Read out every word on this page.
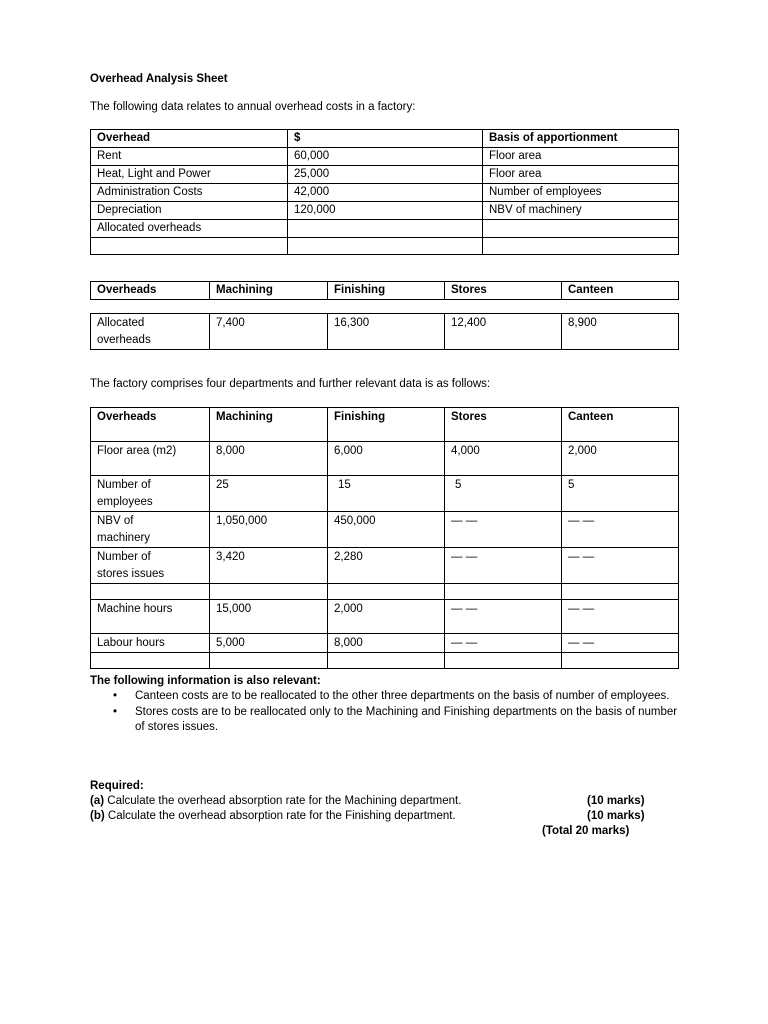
Overhead Analysis Sheet
The following data relates to annual overhead costs in a factory:
Overhead	$	Basis of apportionment
Rent	60,000	Floor area
Heat, Light and Power	25,000	Floor area
Administration Costs	42,000	Number of employees
Depreciation	120,000	NBV of machinery
Allocated overheads		

Overheads	Machining	Finishing	Stores	Canteen

Allocated
overheads	7,400	16,300	12,400	8,900
The factory comprises four departments and further relevant data is as follows:
Overheads	Machining	Finishing	Stores	Canteen
Floor area (m2)	8,000	6,000	4,000	2,000

Number of
employees	25	15	5	5

NBV of
machinery	1,050,000	450,000	— —	— —

Number of
stores issues	3,420	2,280	— —	— —

Machine hours	15,000	2,000	— —	— —
Labour hours	5,000	8,000	— —	— —

The following information is also relevant:
• Canteen costs are to be reallocated to the other three departments on the basis of number of employees.
• Stores costs are to be reallocated only to the Machining and Finishing departments on the basis of number of stores issues.
Required:
(a) Calculate the overhead absorption rate for the Machining department.	(10 marks)
(b) Calculate the overhead absorption rate for the Finishing department.	(10 marks)
(Total 20 marks)
